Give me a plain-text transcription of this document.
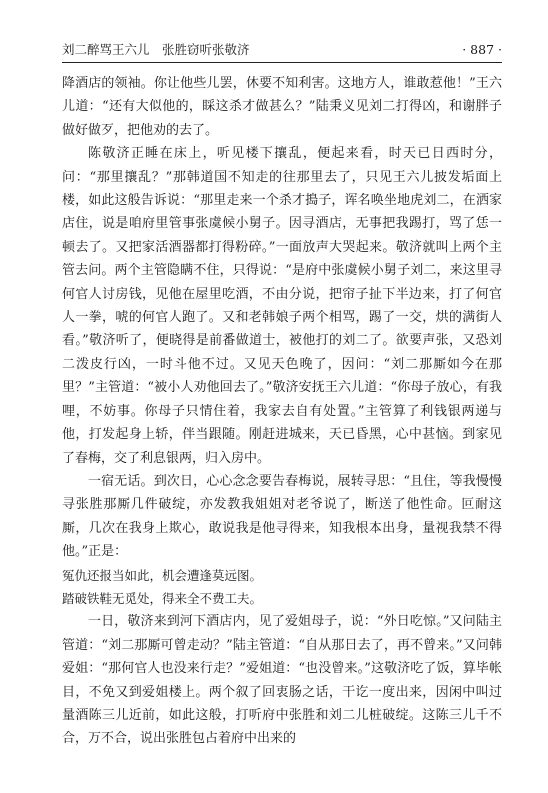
刘二醉骂王六儿　张胜窃听张敬济	· 887 ·

降酒店的领袖。你让他些儿罢，休要不知利害。这地方人，谁敢惹他！”王六儿道：“还有大似他的，睬这杀才做甚么？”陆秉义见刘二打得凶，和谢胖子做好做歹，把他劝的去了。

陈敬济正睡在床上，听见楼下攘乱，便起来看，时天已日西时分，问：“那里攘乱？”那韩道国不知走的往那里去了，只见王六儿披发垢面上楼，如此这般告诉说：“那里走来一个杀才搗子，诨名唤坐地虎刘二，在洒家店住，说是咱府里管事张虞候小舅子。因寻酒店，无事把我踢打，骂了恁一顿去了。又把家活酒器都打得粉碎。”一面放声大哭起来。敬济就叫上两个主管去问。两个主管隐瞒不住，只得说：“是府中张虞候小舅子刘二，来这里寻何官人讨房钱，见他在屋里吃酒，不由分说，把帘子扯下半边来，打了何官人一拳，唬的何官人跑了。又和老韩娘子两个相骂，踢了一交，烘的满街人看。”敬济听了，便晓得是前番做道士，被他打的刘二了。欲要声张，又恐刘二泼皮行凶，一时斗他不过。又见天色晚了，因问：“刘二那厮如今在那里？”主管道：“被小人劝他回去了。”敬济安抚王六儿道：“你母子放心，有我哩，不妨事。你母子只情住着，我家去自有处置。”主管算了利钱银两递与他，打发起身上轿，伴当跟随。刚赶进城来，天已昏黑，心中甚恼。到家见了春梅，交了利息银两，归入房中。

一宿无话。到次日，心心念念要告春梅说，展转寻思：“且住，等我慢慢寻张胜那厮几件破绽，亦发教我姐姐对老爷说了，断送了他性命。叵耐这厮，几次在我身上欺心，敢说我是他寻得来，知我根本出身，量视我禁不得他。”正是：

冤仇还报当如此，机会遭逢莫远图。

踏破铁鞋无觅处，得来全不费工夫。

一日，敬济来到河下酒店内，见了爱姐母子，说：“外日吃惊。”又问陆主管道：“刘二那厮可曾走动？”陆主管道：“自从那日去了，再不曾来。”又问韩爱姐：“那何官人也没来行走？”爱姐道：“也没曾来。”这敬济吃了饭，算毕帐目，不免又到爱姐楼上。两个叙了回衷肠之话，干讫一度出来，因闲中叫过量酒陈三儿近前，如此这般，打听府中张胜和刘二儿桩破绽。这陈三儿千不合，万不合，说出张胜包占着府中出来的
